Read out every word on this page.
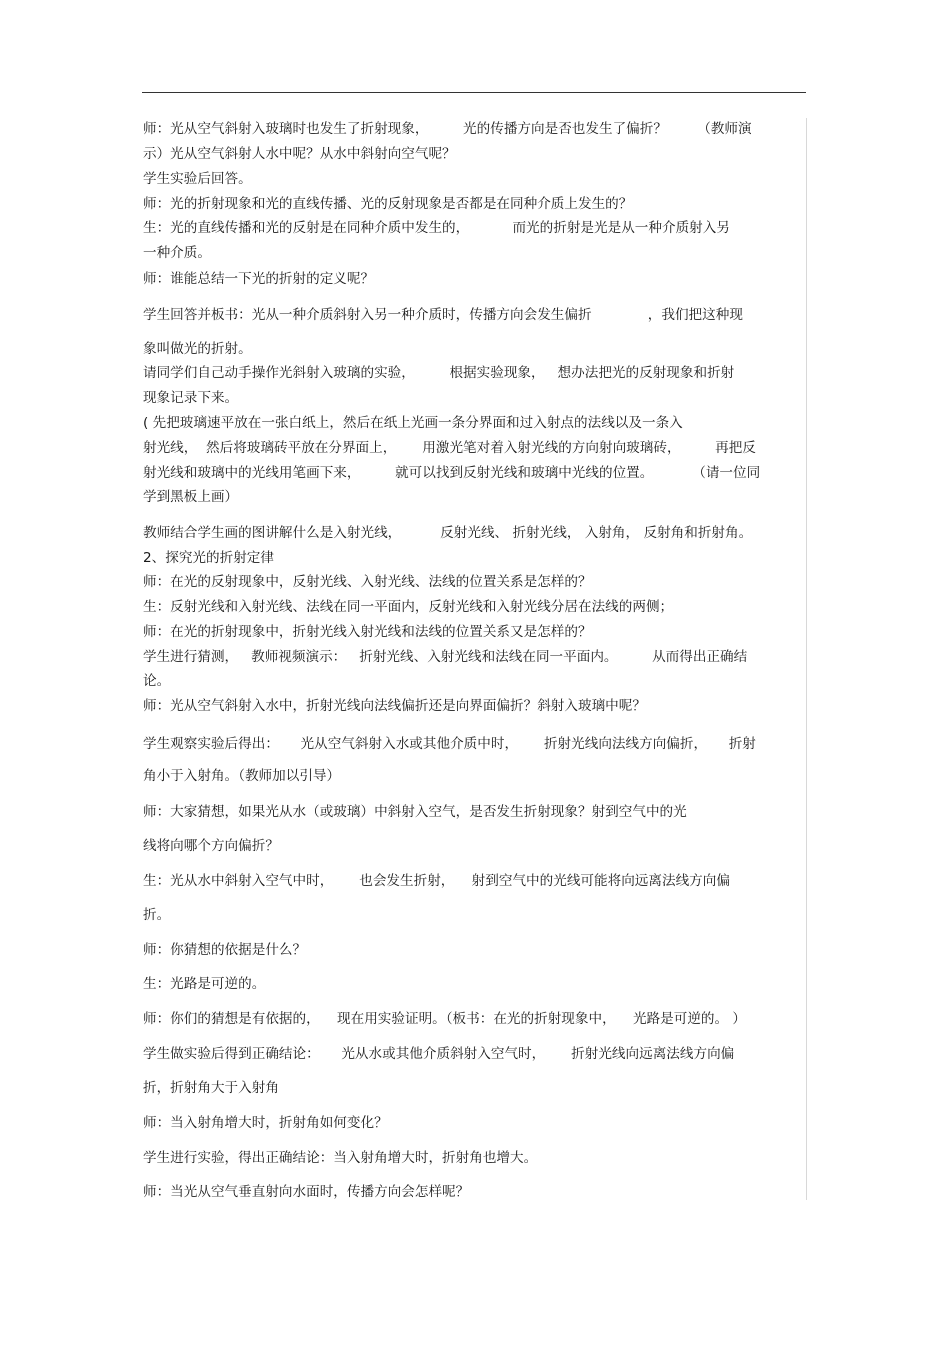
师：光从空气斜射入玻璃时也发生了折射现象，        光的传播方向是否也发生了偏折？       （教师演
示）光从空气斜射人水中呢？从水中斜射向空气呢？
学生实验后回答。
师：光的折射现象和光的直线传播、光的反射现象是否都是在同种介质上发生的？
生：光的直线传播和光的反射是在同种介质中发生的，          而光的折射是光是从一种介质射入另
一种介质。
师：谁能总结一下光的折射的定义呢？
学生回答并板书：光从一种介质斜射入另一种介质时，传播方向会发生偏折             ，我们把这种现
象叫做光的折射。
请同学们自己动手操作光斜射入玻璃的实验，        根据实验现象，   想办法把光的反射现象和折射
现象记录下来。
( 先把玻璃速平放在一张白纸上，然后在纸上光画一条分界面和过入射点的法线以及一条入
射光线，  然后将玻璃砖平放在分界面上，      用激光笔对着入射光线的方向射向玻璃砖，        再把反
射光线和玻璃中的光线用笔画下来，        就可以找到反射光线和玻璃中光线的位置。         （请一位同
学到黑板上画）
教师结合学生画的图讲解什么是入射光线，         反射光线、 折射光线， 入射角， 反射角和折射角。
2、探究光的折射定律
师：在光的反射现象中，反射光线、入射光线、法线的位置关系是怎样的？
生：反射光线和入射光线、法线在同一平面内，反射光线和入射光线分居在法线的两侧；
师：在光的折射现象中，折射光线入射光线和法线的位置关系又是怎样的？
学生进行猜测，   教师视频演示：   折射光线、入射光线和法线在同一平面内。        从而得出正确结
论。
师：光从空气斜射入水中，折射光线向法线偏折还是向界面偏折？斜射入玻璃中呢？
学生观察实验后得出：     光从空气斜射入水或其他介质中时，      折射光线向法线方向偏折，     折射
角小于入射角。（教师加以引导）
师：大家猜想，如果光从水（或玻璃）中斜射入空气，是否发生折射现象？射到空气中的光
线将向哪个方向偏折？
生：光从水中斜射入空气中时，      也会发生折射，    射到空气中的光线可能将向远离法线方向偏
折。
师：你猜想的依据是什么？
生：光路是可逆的。
师：你们的猜想是有依据的，    现在用实验证明。（板书：在光的折射现象中，    光路是可逆的。 ）
学生做实验后得到正确结论：     光从水或其他介质斜射入空气时，      折射光线向远离法线方向偏
折，折射角大于入射角
师：当入射角增大时，折射角如何变化？
学生进行实验，得出正确结论：当入射角增大时，折射角也增大。
师：当光从空气垂直射向水面时，传播方向会怎样呢？
